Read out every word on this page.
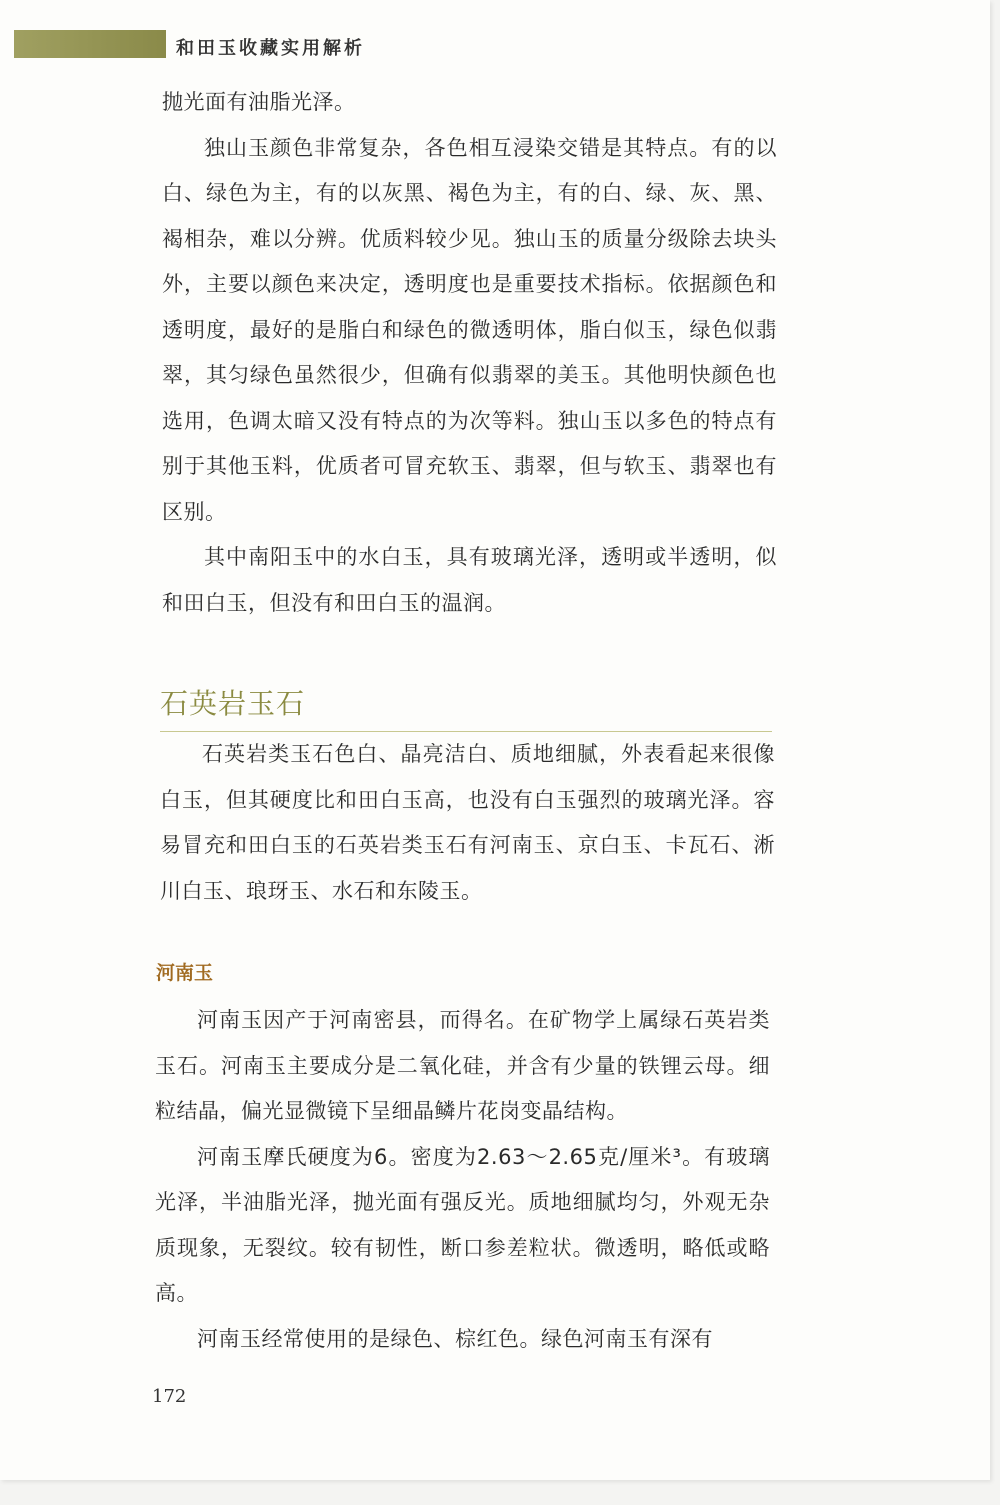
和田玉收藏实用解析

抛光面有油脂光泽。

独山玉颜色非常复杂，各色相互浸染交错是其特点。有的以白、绿色为主，有的以灰黑、褐色为主，有的白、绿、灰、黑、褐相杂，难以分辨。优质料较少见。独山玉的质量分级除去块头外，主要以颜色来决定，透明度也是重要技术指标。依据颜色和透明度，最好的是脂白和绿色的微透明体，脂白似玉，绿色似翡翠，其匀绿色虽然很少，但确有似翡翠的美玉。其他明快颜色也选用，色调太暗又没有特点的为次等料。独山玉以多色的特点有别于其他玉料，优质者可冒充软玉、翡翠，但与软玉、翡翠也有区别。

其中南阳玉中的水白玉，具有玻璃光泽，透明或半透明，似和田白玉，但没有和田白玉的温润。

石英岩玉石

石英岩类玉石色白、晶亮洁白、质地细腻，外表看起来很像白玉，但其硬度比和田白玉高，也没有白玉强烈的玻璃光泽。容易冒充和田白玉的石英岩类玉石有河南玉、京白玉、卡瓦石、淅川白玉、琅玡玉、水石和东陵玉。

河南玉

河南玉因产于河南密县，而得名。在矿物学上属绿石英岩类玉石。河南玉主要成分是二氧化硅，并含有少量的铁锂云母。细粒结晶，偏光显微镜下呈细晶鳞片花岗变晶结构。

河南玉摩氏硬度为6。密度为2.63～2.65克/厘米³。有玻璃光泽，半油脂光泽，抛光面有强反光。质地细腻均匀，外观无杂质现象，无裂纹。较有韧性，断口参差粒状。微透明，略低或略高。

河南玉经常使用的是绿色、棕红色。绿色河南玉有深有

172
